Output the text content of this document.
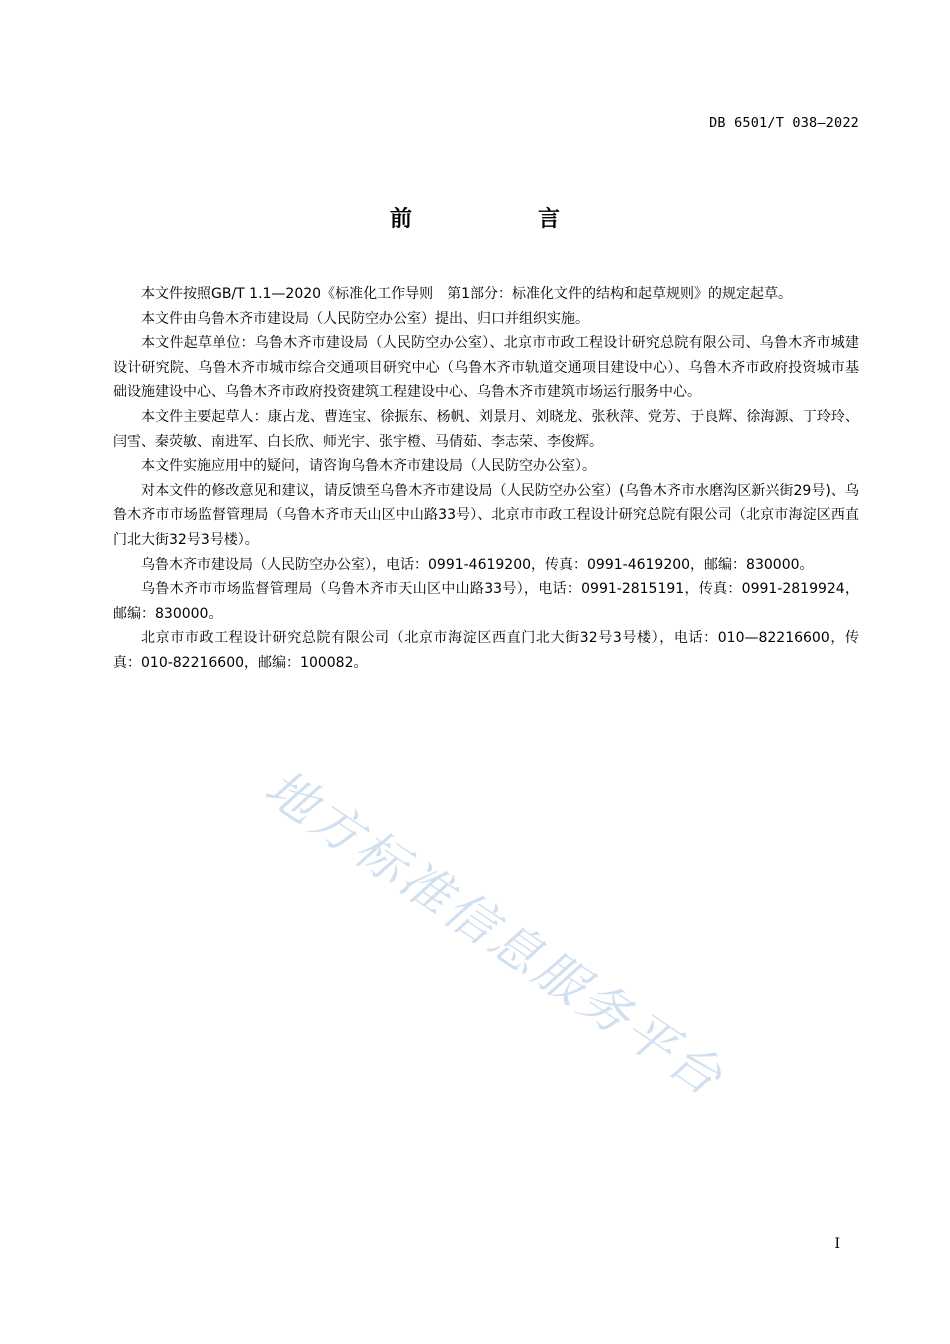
DB 6501/T 038—2022
前　言

本文件按照GB/T 1.1—2020《标准化工作导则　第1部分：标准化文件的结构和起草规则》的规定起草。

本文件由乌鲁木齐市建设局（人民防空办公室）提出、归口并组织实施。

本文件起草单位：乌鲁木齐市建设局（人民防空办公室）、北京市市政工程设计研究总院有限公司、乌鲁木齐市城建设计研究院、乌鲁木齐市城市综合交通项目研究中心（乌鲁木齐市轨道交通项目建设中心）、乌鲁木齐市政府投资城市基础设施建设中心、乌鲁木齐市政府投资建筑工程建设中心、乌鲁木齐市建筑市场运行服务中心。

本文件主要起草人：康占龙、曹连宝、徐振东、杨帆、刘景月、刘晓龙、张秋萍、党芳、于良辉、徐海源、丁玲玲、闫雪、秦荧敏、南进军、白长欣、师光宇、张宇橙、马倩茹、李志荣、李俊辉。

本文件实施应用中的疑问，请咨询乌鲁木齐市建设局（人民防空办公室）。

对本文件的修改意见和建议，请反馈至乌鲁木齐市建设局（人民防空办公室）(乌鲁木齐市水磨沟区新兴街29号)、乌鲁木齐市市场监督管理局（乌鲁木齐市天山区中山路33号）、北京市市政工程设计研究总院有限公司（北京市海淀区西直门北大街32号3号楼）。

乌鲁木齐市建设局（人民防空办公室），电话：0991-4619200，传真：0991-4619200，邮编：830000。

乌鲁木齐市市场监督管理局（乌鲁木齐市天山区中山路33号），电话：0991-2815191，传真：0991-2819924，邮编：830000。

北京市市政工程设计研究总院有限公司（北京市海淀区西直门北大街32号3号楼），电话：010—82216600，传真：010-82216600，邮编：100082。

地方标准信息服务平台
I
